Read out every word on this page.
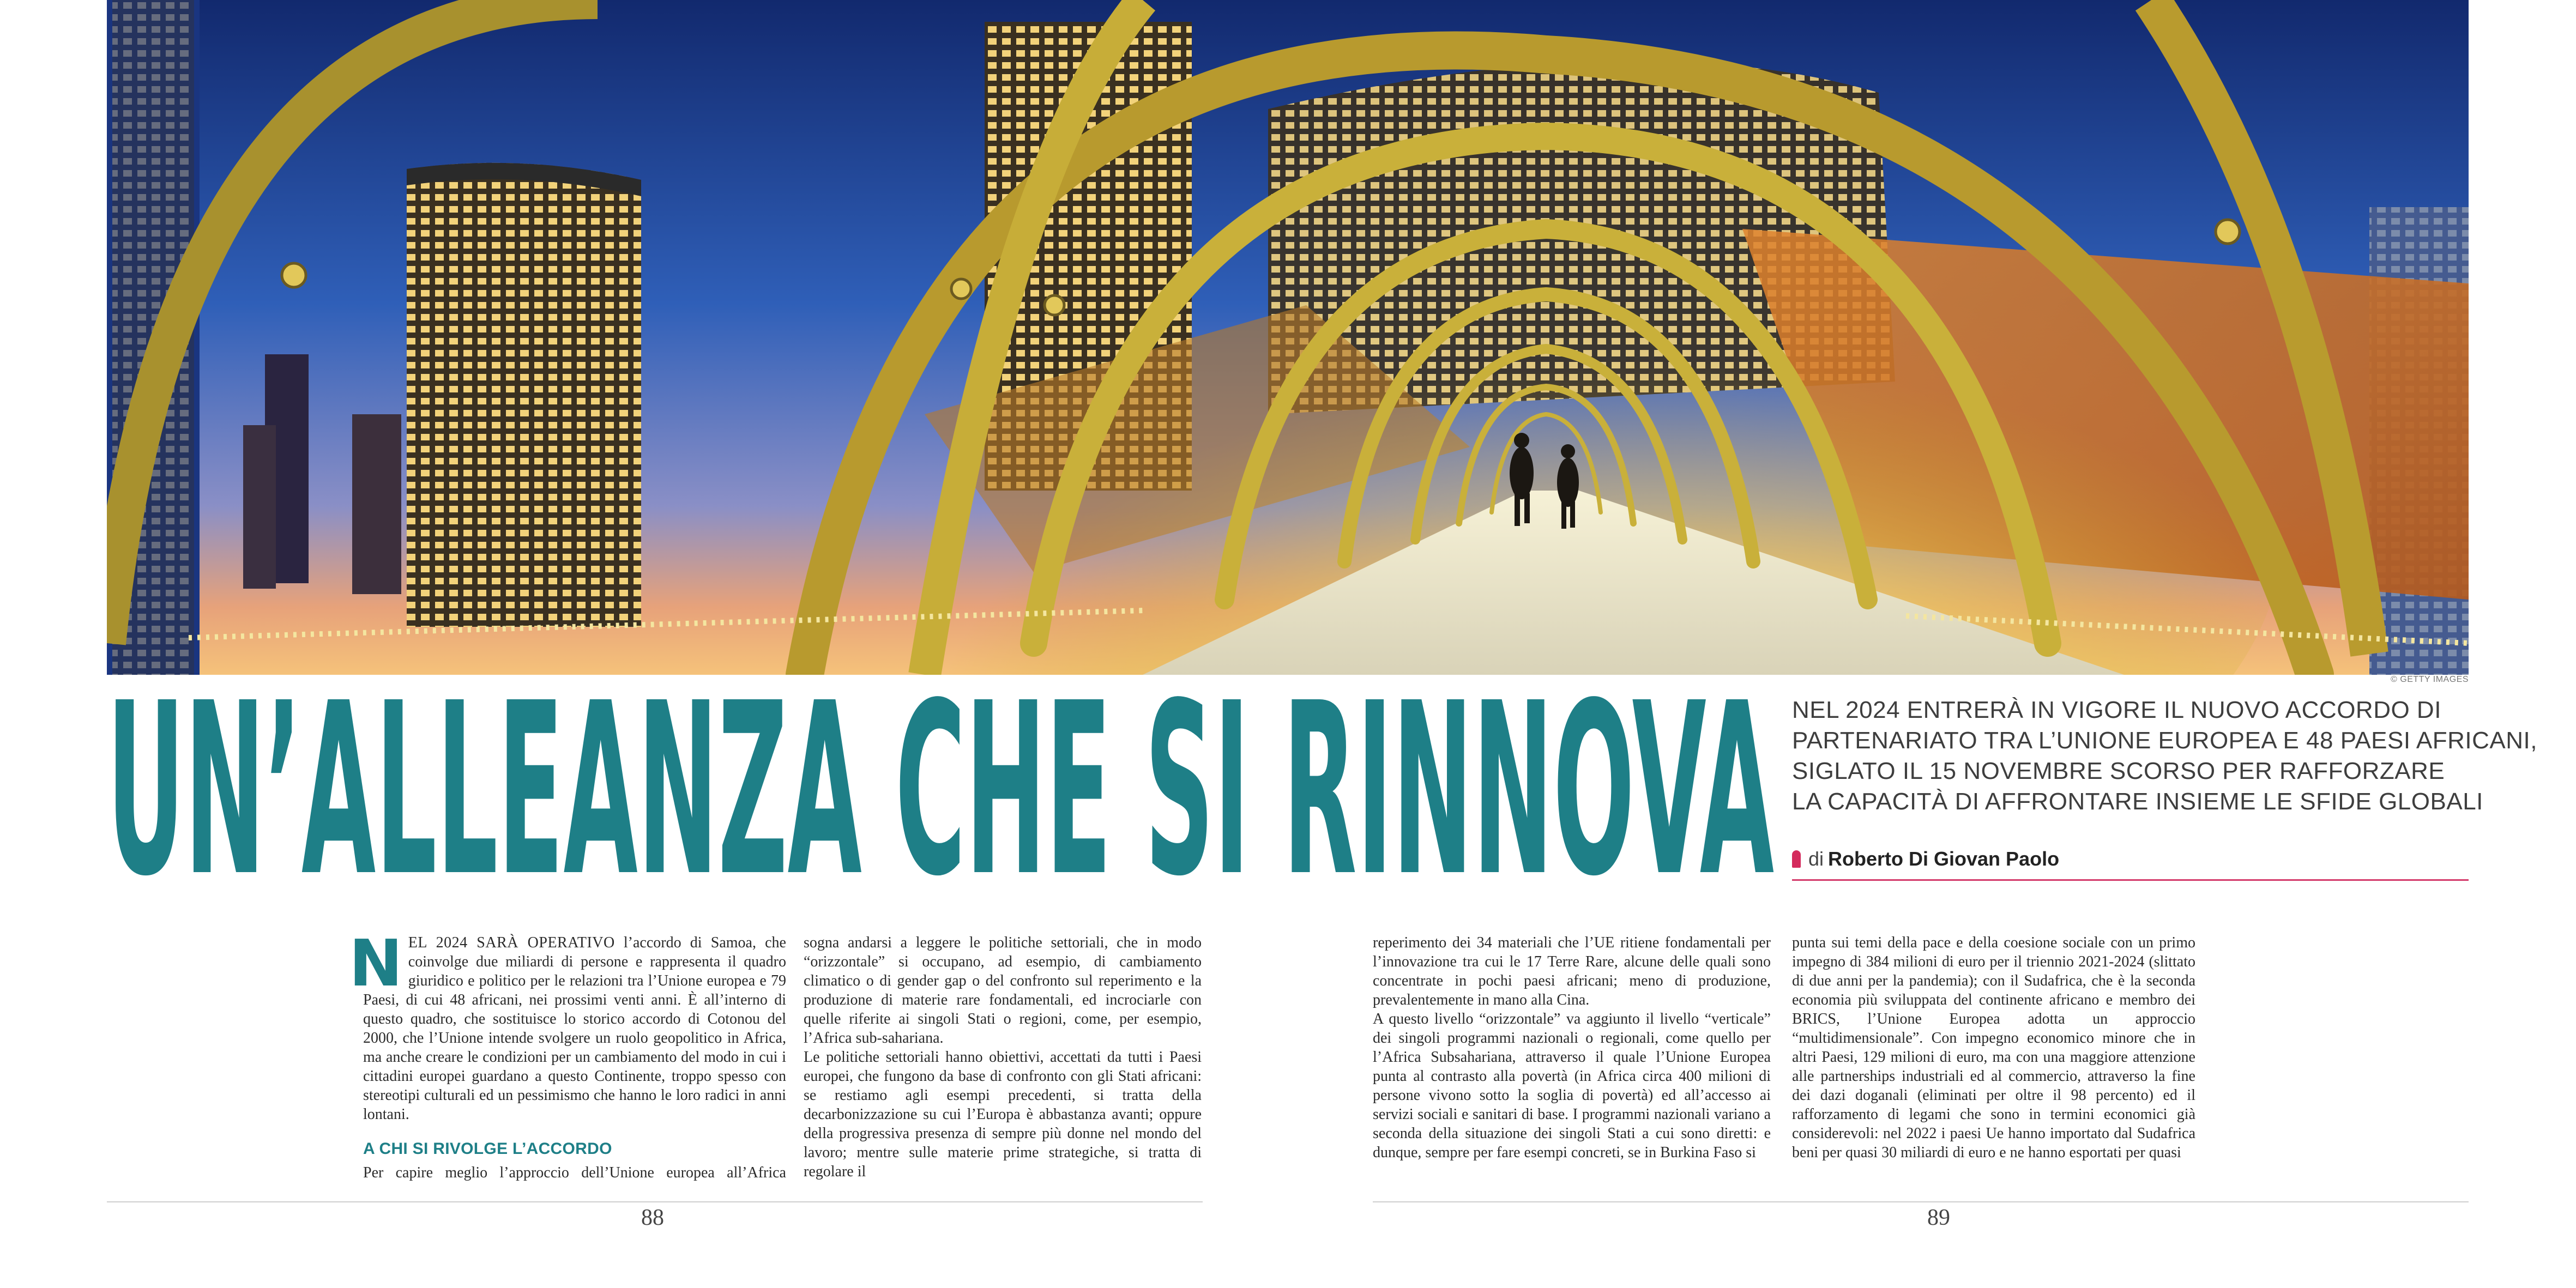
© GETTY IMAGES
UN’ALLEANZA CHE SI RINNOVA NEL 2024 ENTRERÀ IN VIGORE IL NUOVO ACCORDO DI
PARTENARIATO TRA L’UNIONE EUROPEA E 48 PAESI AFRICANI,
SIGLATO IL 15 NOVEMBRE SCORSO PER RAFFORZARE
LA CAPACITÀ DI AFFRONTARE INSIEME LE SFIDE GLOBALI
di Roberto Di Giovan Paolo

NEL 2024 SARÀ OPERATIVO l’accordo di Samoa, che coinvolge due miliardi di persone e rappresenta il quadro giuridico e politico per le relazioni tra l’Unione europea e 79 Paesi, di cui 48 africani, nei prossimi venti anni. È all’interno di questo quadro, che sostituisce lo storico accordo di Cotonou del 2000, che l’Unione intende svolgere un ruolo geopolitico in Africa, ma anche creare le condizioni per un cambiamento del modo in cui i cittadini europei guardano a questo Continente, troppo spesso con stereotipi culturali ed un pessimismo che hanno le loro radici in anni lontani.

A CHI SI RIVOLGE L’ACCORDO

Per capire meglio l’approccio dell’Unione europea all’Africa

sogna andarsi a leggere le politiche settoriali, che in modo “orizzontale” si occupano, ad esempio, di cambiamento climatico o di gender gap o del confronto sul reperimento e la produzione di materie rare fondamentali, ed incrociarle con quelle riferite ai singoli Stati o regioni, come, per esempio, l’Africa sub-sahariana.

Le politiche settoriali hanno obiettivi, accettati da tutti i Paesi europei, che fungono da base di confronto con gli Stati africani: se restiamo agli esempi precedenti, si tratta della decarbonizzazione su cui l’Europa è abbastanza avanti; oppure della progressiva presenza di sempre più donne nel mondo del lavoro; mentre sulle materie prime strategiche, si tratta di regolare il

reperimento dei 34 materiali che l’UE ritiene fondamentali per l’innovazione tra cui le 17 Terre Rare, alcune delle quali sono concentrate in pochi paesi africani; meno di produzione, prevalentemente in mano alla Cina.

A questo livello “orizzontale” va aggiunto il livello “verticale” dei singoli programmi nazionali o regionali, come quello per l’Africa Subsahariana, attraverso il quale l’Unione Europea punta al contrasto alla povertà (in Africa circa 400 milioni di persone vivono sotto la soglia di povertà) ed all’accesso ai servizi sociali e sanitari di base. I programmi nazionali variano a seconda della situazione dei singoli Stati a cui sono diretti: e dunque, sempre per fare esempi concreti, se in Burkina Faso si

punta sui temi della pace e della coesione sociale con un primo impegno di 384 milioni di euro per il triennio 2021-2024 (slittato di due anni per la pandemia); con il Sudafrica, che è la seconda economia più sviluppata del continente africano e membro dei BRICS, l’Unione Europea adotta un approccio “multidimensionale”. Con impegno economico minore che in altri Paesi, 129 milioni di euro, ma con una maggiore attenzione alle partnerships industriali ed al commercio, attraverso la fine dei dazi doganali (eliminati per oltre il 98 percento) ed il rafforzamento di legami che sono in termini economici già considerevoli: nel 2022 i paesi Ue hanno importato dal Sudafrica beni per quasi 30 miliardi di euro e ne hanno esportati per quasi

88	89
